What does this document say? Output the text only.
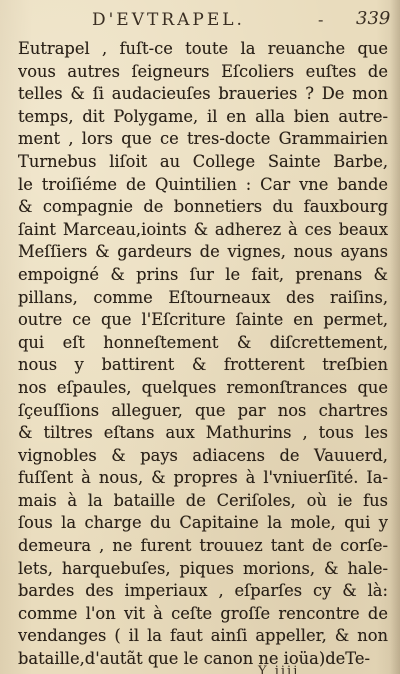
D'EVTRAPEL.	- 339
Eutrapel , fuſt-ce toute la reuanche que
vous autres ſeigneurs Eſcoliers euſtes de
telles & ſi audacieuſes braueries ? De mon
temps, dit Polygame, il en alla bien autre-
ment , lors que ce tres-docte Grammairien
Turnebus liſoit au College Sainte Barbe,
le troiſiéme de Quintilien : Car vne bande
& compagnie de bonnetiers du fauxbourg
ſaint Marceau,ioints & adherez à ces beaux
Meſſiers & gardeurs de vignes, nous ayans
empoigné & prins ſur le fait, prenans &
pillans, comme Eſtourneaux des raiſins,
outre ce que l'Eſcriture ſainte en permet,
qui eſt honneſtement & diſcrettement,
nous y battirent & frotterent treſbien
nos eſpaules, quelques remonſtrances que
ſçeuſſions alleguer, que par nos chartres
& tiltres eſtans aux Mathurins , tous les
vignobles & pays adiacens de Vauuerd,
fuſſent à nous, & propres à l'vniuerſité. Ia-
mais à la bataille de Ceriſoles, où ie fus
ſous la charge du Capitaine la mole, qui y
demeura , ne furent trouuez tant de corſe-
lets, harquebuſes, piques morions, & hale-
bardes des imperiaux , eſparſes cy & là:
comme l'on vit à ceſte groſſe rencontre de
vendanges ( il la faut ainſi appeller, & non
bataille,d'autãt que le canon ne ioüa)deTe-
Y iiii
